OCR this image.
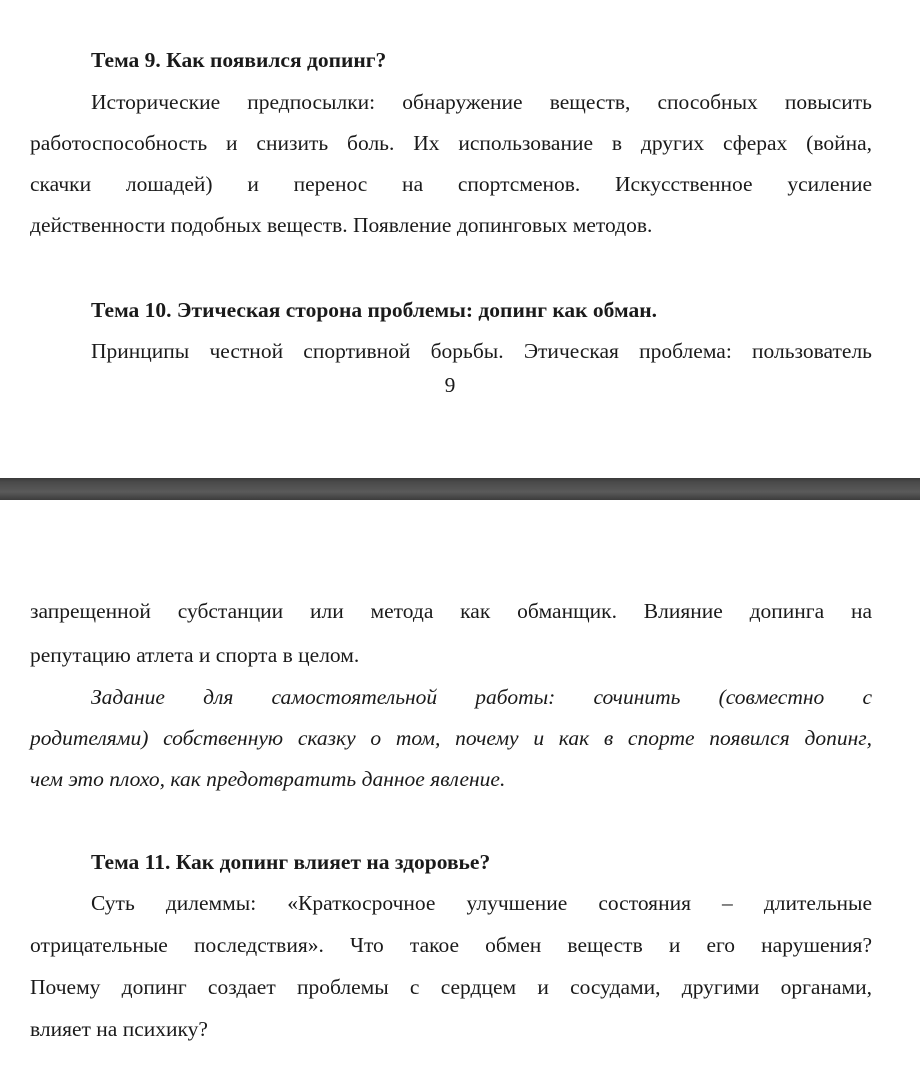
Тема 9. Как появился допинг?
Исторические предпосылки: обнаружение веществ, способных повысить
работоспособность и снизить боль. Их использование в других сферах (война,
скачки лошадей) и перенос на спортсменов. Искусственное усиление
действенности подобных веществ. Появление допинговых методов.
Тема 10. Этическая сторона проблемы: допинг как обман.
Принципы честной спортивной борьбы. Этическая проблема: пользователь
9
запрещенной субстанции или метода как обманщик. Влияние допинга на
репутацию атлета и спорта в целом.
Задание для самостоятельной работы: сочинить (совместно с
родителями) собственную сказку о том, почему и как в спорте появился допинг,
чем это плохо, как предотвратить данное явление.
Тема 11. Как допинг влияет на здоровье?
Суть дилеммы: «Краткосрочное улучшение состояния – длительные
отрицательные последствия». Что такое обмен веществ и его нарушения?
Почему допинг создает проблемы с сердцем и сосудами, другими органами,
влияет на психику?
